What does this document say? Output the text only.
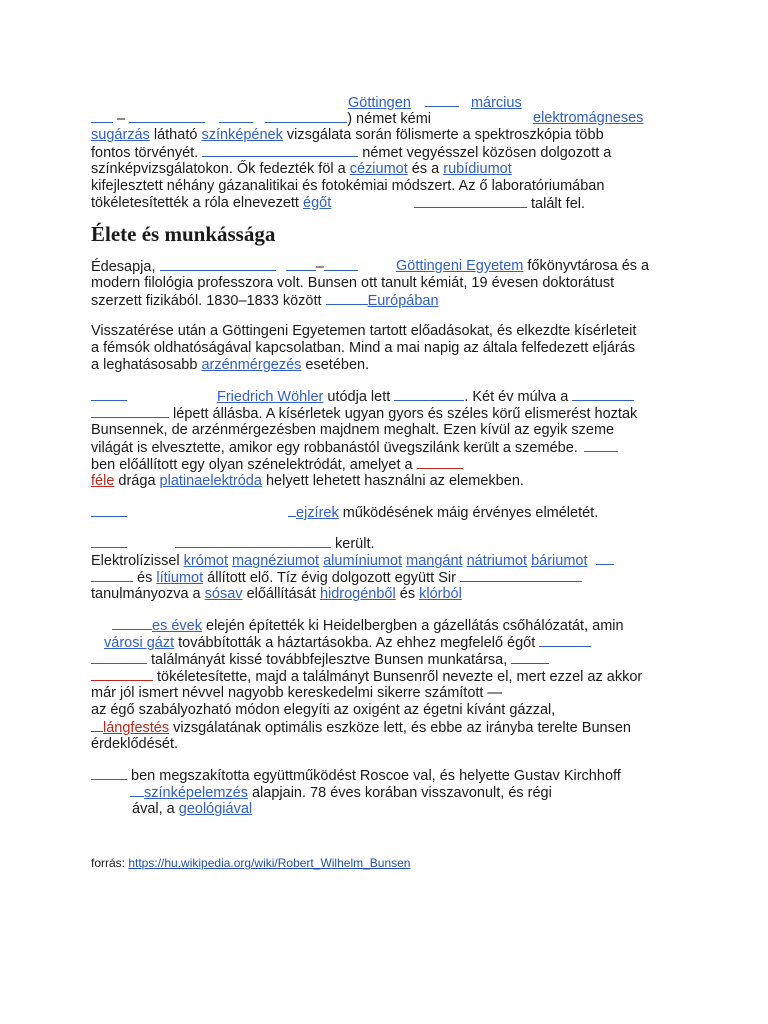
Göttingen	március
–	) német kémi	elektromágneses
sugárzás látható színképének vizsgálata során fölismerte a spektroszkópia több
fontos törvényét.	német vegyésszel közösen dolgozott a
színképvizsgálatokon. Ők fedezték föl a céziumot és a rubídiumot
kifejlesztett néhány gázanalitikai és fotokémiai módszert. Az ő laboratóriumában
tökéletesítették a róla elnevezett égőt	talált fel.
Élete és munkássága
Édesapja,	–	Göttingeni Egyetem főkönyvtárosa és a
modern filológia professzora volt. Bunsen ott tanult kémiát, 19 évesen doktorátust
szerzett fizikából. 1830–1833 között	Európában
Visszatérése után a Göttingeni Egyetemen tartott előadásokat, és elkezdte kísérleteit
a fémsók oldhatóságával kapcsolatban. Mind a mai napig az általa felfedezett eljárás
a leghatásosabb arzénmérgezés esetében.
Friedrich Wöhler utódja lett	. Két év múlva a
lépett állásba. A kísérletek ugyan gyors és széles körű elismerést hoztak
Bunsennek, de arzénmérgezésben majdnem meghalt. Ezen kívül az egyik szeme
világát is elvesztette, amikor egy robbanástól üvegszilánk került a szemébe.
ben előállított egy olyan szénelektródát, amelyet a
féle drága platinaelektróda helyett lehetett használni az elemekben.
ejzírek működésének máig érvényes elméletét.
került.
Elektrolízissel krómot magnéziumot alumíniumot mangánt nátriumot báriumot
és lítiumot állított elő. Tíz évig dolgozott együtt Sir
tanulmányozva a sósav előállítását hidrogénből és klórból
es évek elején építették ki Heidelbergben a gázellátás csőhálózatát, amin
városi gázt továbbították a háztartásokba. Az ehhez megfelelő égőt
találmányát kissé továbbfejlesztve Bunsen munkatársa,
tökéletesítette, majd a találmányt Bunsenről nevezte el, mert ezzel az akkor
már jól ismert névvel nagyobb kereskedelmi sikerre számított —
az égő szabályozható módon elegyíti az oxigént az égetni kívánt gázzal,
lángfestés vizsgálatának optimális eszköze lett, és ebbe az irányba terelte Bunsen
érdeklődését.
ben megszakította együttműködést Roscoe val, és helyette Gustav Kirchhoff
színképelemzés alapjain. 78 éves korában visszavonult, és régi
ával, a geológiával
forrás: https://hu.wikipedia.org/wiki/Robert_Wilhelm_Bunsen
